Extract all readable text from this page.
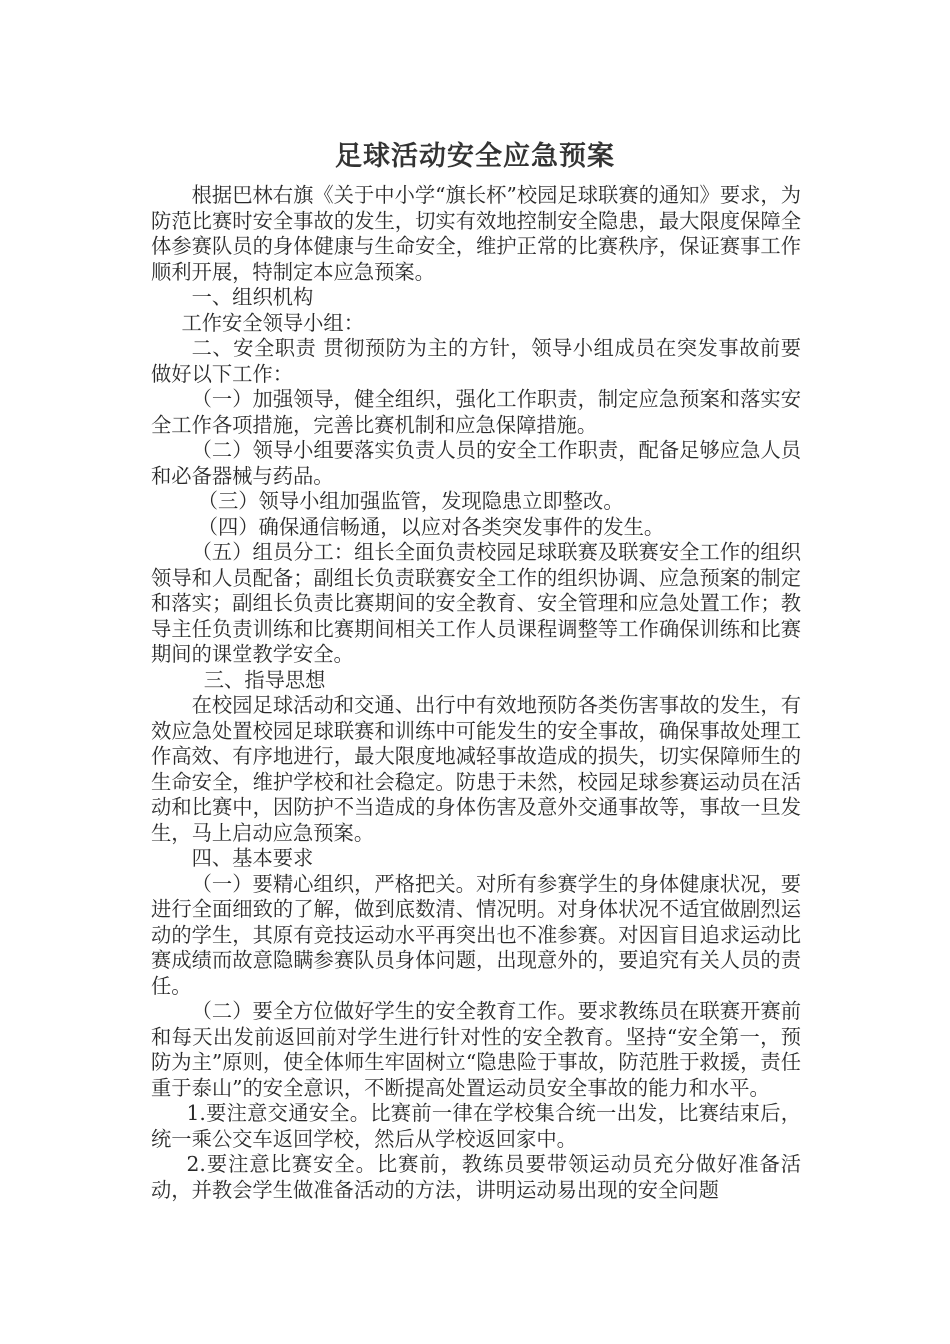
足球活动安全应急预案

根据巴林右旗《关于中小学“旗长杯”校园足球联赛的通知》要求，为防范比赛时安全事故的发生，切实有效地控制安全隐患，最大限度保障全体参赛队员的身体健康与生命安全，维护正常的比赛秩序，保证赛事工作顺利开展，特制定本应急预案。

一、组织机构

工作安全领导小组：

二、安全职责 贯彻预防为主的方针，领导小组成员在突发事故前要做好以下工作：

（一）加强领导，健全组织，强化工作职责，制定应急预案和落实安全工作各项措施，完善比赛机制和应急保障措施。

（二）领导小组要落实负责人员的安全工作职责，配备足够应急人员和必备器械与药品。

（三）领导小组加强监管，发现隐患立即整改。

（四）确保通信畅通，以应对各类突发事件的发生。

（五）组员分工：组长全面负责校园足球联赛及联赛安全工作的组织领导和人员配备；副组长负责联赛安全工作的组织协调、应急预案的制定和落实；副组长负责比赛期间的安全教育、安全管理和应急处置工作；教导主任负责训练和比赛期间相关工作人员课程调整等工作确保训练和比赛期间的课堂教学安全。

三、指导思想

在校园足球活动和交通、出行中有效地预防各类伤害事故的发生，有效应急处置校园足球联赛和训练中可能发生的安全事故，确保事故处理工作高效、有序地进行，最大限度地减轻事故造成的损失，切实保障师生的生命安全，维护学校和社会稳定。防患于未然，校园足球参赛运动员在活动和比赛中，因防护不当造成的身体伤害及意外交通事故等，事故一旦发生，马上启动应急预案。

四、基本要求

（一）要精心组织，严格把关。对所有参赛学生的身体健康状况，要进行全面细致的了解，做到底数清、情况明。对身体状况不适宜做剧烈运动的学生，其原有竞技运动水平再突出也不准参赛。对因盲目追求运动比赛成绩而故意隐瞒参赛队员身体问题，出现意外的，要追究有关人员的责任。

（二）要全方位做好学生的安全教育工作。要求教练员在联赛开赛前和每天出发前返回前对学生进行针对性的安全教育。坚持“安全第一，预防为主”原则，使全体师生牢固树立“隐患险于事故，防范胜于救援，责任重于泰山”的安全意识，不断提高处置运动员安全事故的能力和水平。

1.要注意交通安全。比赛前一律在学校集合统一出发，比赛结束后，统一乘公交车返回学校，然后从学校返回家中。

2.要注意比赛安全。比赛前，教练员要带领运动员充分做好准备活动，并教会学生做准备活动的方法，讲明运动易出现的安全问题
